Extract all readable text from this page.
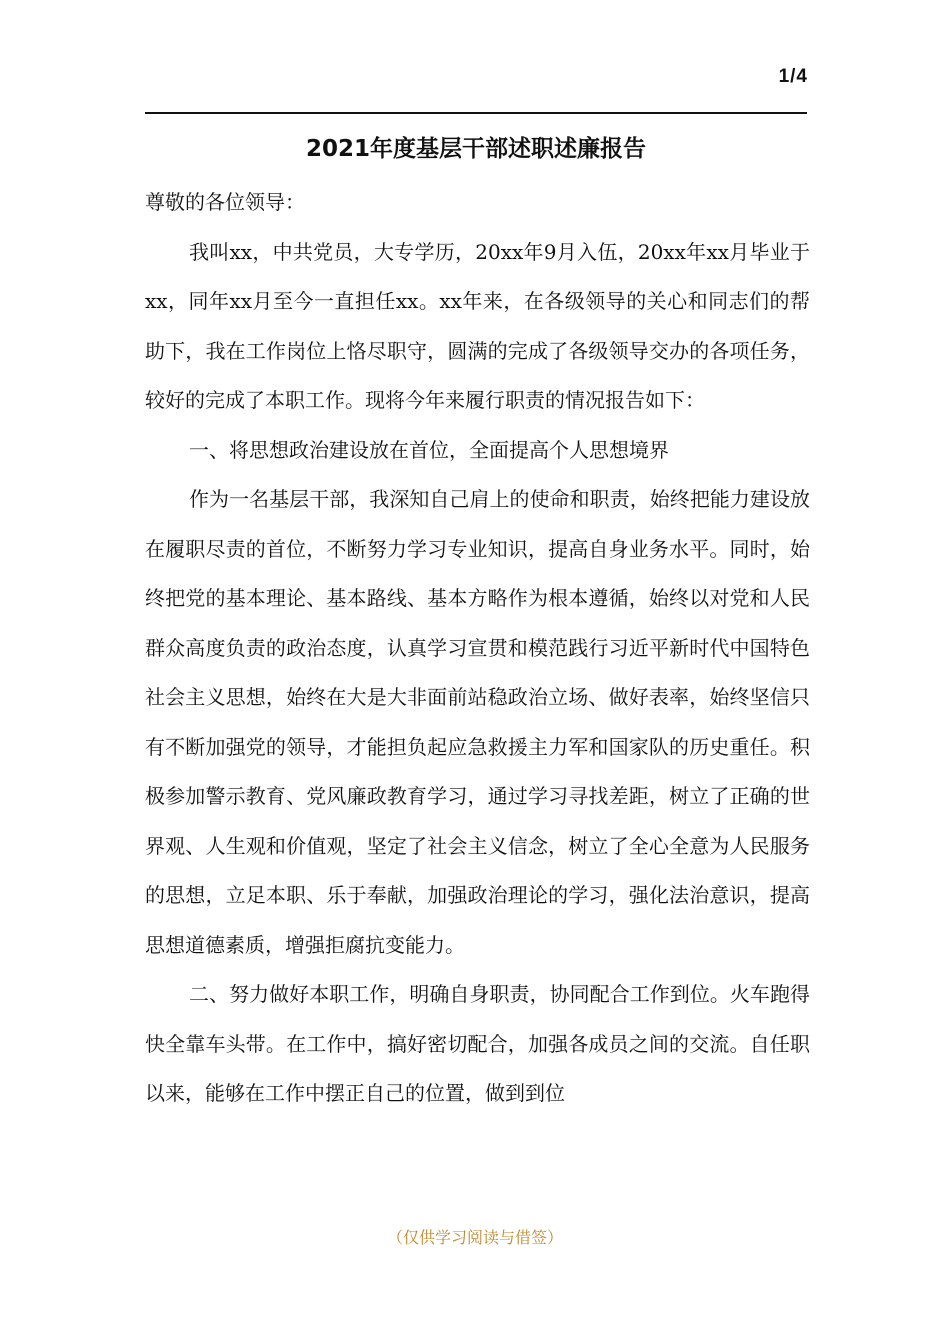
1/4
2021年度基层干部述职述廉报告

尊敬的各位领导：

我叫xx，中共党员，大专学历，20xx年9月入伍，20xx年xx月毕业于xx，同年xx月至今一直担任xx。xx年来，在各级领导的关心和同志们的帮助下，我在工作岗位上恪尽职守，圆满的完成了各级领导交办的各项任务，较好的完成了本职工作。现将今年来履行职责的情况报告如下：

一、将思想政治建设放在首位，全面提高个人思想境界

作为一名基层干部，我深知自己肩上的使命和职责，始终把能力建设放在履职尽责的首位，不断努力学习专业知识，提高自身业务水平。同时，始终把党的基本理论、基本路线、基本方略作为根本遵循，始终以对党和人民群众高度负责的政治态度，认真学习宣贯和模范践行习近平新时代中国特色社会主义思想，始终在大是大非面前站稳政治立场、做好表率，始终坚信只有不断加强党的领导，才能担负起应急救援主力军和国家队的历史重任。积极参加警示教育、党风廉政教育学习，通过学习寻找差距，树立了正确的世界观、人生观和价值观，坚定了社会主义信念，树立了全心全意为人民服务的思想，立足本职、乐于奉献，加强政治理论的学习，强化法治意识，提高思想道德素质，增强拒腐抗变能力。

二、努力做好本职工作，明确自身职责，协同配合工作到位。火车跑得快全靠车头带。在工作中，搞好密切配合，加强各成员之间的交流。自任职以来，能够在工作中摆正自己的位置，做到到位

（仅供学习阅读与借签）
